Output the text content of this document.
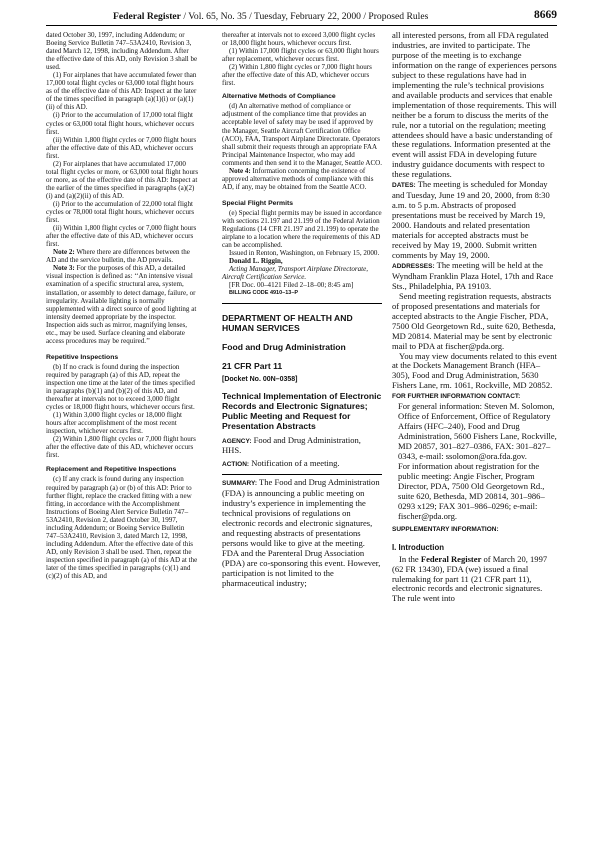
Federal Register / Vol. 65, No. 35 / Tuesday, February 22, 2000 / Proposed Rules	8669

dated October 30, 1997, including Addendum; or Boeing Service Bulletin 747–53A2410, Revision 3, dated March 12, 1998, including Addendum. After the effective date of this AD, only Revision 3 shall be used.

(1) For airplanes that have accumulated fewer than 17,000 total flight cycles or 63,000 total flight hours as of the effective date of this AD: Inspect at the later of the times specified in paragraph (a)(1)(i) or (a)(1)(ii) of this AD.

(i) Prior to the accumulation of 17,000 total flight cycles or 63,000 total flight hours, whichever occurs first.

(ii) Within 1,800 flight cycles or 7,000 flight hours after the effective date of this AD, whichever occurs first.

(2) For airplanes that have accumulated 17,000 total flight cycles or more, or 63,000 total flight hours or more, as of the effective date of this AD: Inspect at the earlier of the times specified in paragraphs (a)(2)(i) and (a)(2)(ii) of this AD.

(i) Prior to the accumulation of 22,000 total flight cycles or 78,000 total flight hours, whichever occurs first.

(ii) Within 1,800 flight cycles or 7,000 flight hours after the effective date of this AD, whichever occurs first.

Note 2: Where there are differences between the AD and the service bulletin, the AD prevails.

Note 3: For the purposes of this AD, a detailed visual inspection is defined as: ‘‘An intensive visual examination of a specific structural area, system, installation, or assembly to detect damage, failure, or irregularity. Available lighting is normally supplemented with a direct source of good lighting at intensity deemed appropriate by the inspector. Inspection aids such as mirror, magnifying lenses, etc., may be used. Surface cleaning and elaborate access procedures may be required.’’

Repetitive Inspections

(b) If no crack is found during the inspection required by paragraph (a) of this AD, repeat the inspection one time at the later of the times specified in paragraphs (b)(1) and (b)(2) of this AD, and thereafter at intervals not to exceed 3,000 flight cycles or 18,000 flight hours, whichever occurs first.

(1) Within 3,000 flight cycles or 18,000 flight hours after accomplishment of the most recent inspection, whichever occurs first.

(2) Within 1,800 flight cycles or 7,000 flight hours after the effective date of this AD, whichever occurs first.

Replacement and Repetitive Inspections

(c) If any crack is found during any inspection required by paragraph (a) or (b) of this AD: Prior to further flight, replace the cracked fitting with a new fitting, in accordance with the Accomplishment Instructions of Boeing Alert Service Bulletin 747–53A2410, Revision 2, dated October 30, 1997, including Addendum; or Boeing Service Bulletin 747–53A2410, Revision 3, dated March 12, 1998, including Addendum. After the effective date of this AD, only Revision 3 shall be used. Then, repeat the inspection specified in paragraph (a) of this AD at the later of the times specified in paragraphs (c)(1) and (c)(2) of this AD, and

thereafter at intervals not to exceed 3,000 flight cycles or 18,000 flight hours, whichever occurs first.

(1) Within 17,000 flight cycles or 63,000 flight hours after replacement, whichever occurs first.

(2) Within 1,800 flight cycles or 7,000 flight hours after the effective date of this AD, whichever occurs first.

Alternative Methods of Compliance

(d) An alternative method of compliance or adjustment of the compliance time that provides an acceptable level of safety may be used if approved by the Manager, Seattle Aircraft Certification Office (ACO), FAA, Transport Airplane Directorate. Operators shall submit their requests through an appropriate FAA Principal Maintenance Inspector, who may add comments and then send it to the Manager, Seattle ACO.

Note 4: Information concerning the existence of approved alternative methods of compliance with this AD, if any, may be obtained from the Seattle ACO.

Special Flight Permits

(e) Special flight permits may be issued in accordance with sections 21.197 and 21.199 of the Federal Aviation Regulations (14 CFR 21.197 and 21.199) to operate the airplane to a location where the requirements of this AD can be accomplished.

Issued in Renton, Washington, on February 15, 2000.

Donald L. Riggin,

Acting Manager, Transport Airplane Directorate, Aircraft Certification Service.

[FR Doc. 00–4121 Filed 2–18–00; 8:45 am]

BILLING CODE 4910–13–P

DEPARTMENT OF HEALTH AND HUMAN SERVICES
Food and Drug Administration
21 CFR Part 11
[Docket No. 00N–0358]
Technical Implementation of Electronic Records and Electronic Signatures; Public Meeting and Request for Presentation Abstracts

AGENCY: Food and Drug Administration, HHS.

ACTION: Notification of a meeting.

SUMMARY: The Food and Drug Administration (FDA) is announcing a public meeting on industry’s experience in implementing the technical provisions of regulations on electronic records and electronic signatures, and requesting abstracts of presentations persons would like to give at the meeting. FDA and the Parenteral Drug Association (PDA) are co-sponsoring this event. However, participation is not limited to the pharmaceutical industry;

all interested persons, from all FDA regulated industries, are invited to participate. The purpose of the meeting is to exchange information on the range of experiences persons subject to these regulations have had in implementing the rule’s technical provisions and available products and services that enable implementation of those requirements. This will neither be a forum to discuss the merits of the rule, nor a tutorial on the regulation; meeting attendees should have a basic understanding of these regulations. Information presented at the event will assist FDA in developing future industry guidance documents with respect to these regulations.

DATES: The meeting is scheduled for Monday and Tuesday, June 19 and 20, 2000, from 8:30 a.m. to 5 p.m. Abstracts of proposed presentations must be received by March 19, 2000. Handouts and related presentation materials for accepted abstracts must be received by May 19, 2000. Submit written comments by May 19, 2000.

ADDRESSES: The meeting will be held at the Wyndham Franklin Plaza Hotel, 17th and Race Sts., Philadelphia, PA 19103.

Send meeting registration requests, abstracts of proposed presentations and materials for accepted abstracts to the Angie Fischer, PDA, 7500 Old Georgetown Rd., suite 620, Bethesda, MD 20814. Material may be sent by electronic mail to PDA at fischer@pda.org.

You may view documents related to this event at the Dockets Management Branch (HFA–305), Food and Drug Administration, 5630 Fishers Lane, rm. 1061, Rockville, MD 20852.

FOR FURTHER INFORMATION CONTACT:

For general information: Steven M. Solomon, Office of Enforcement, Office of Regulatory Affairs (HFC–240), Food and Drug Administration, 5600 Fishers Lane, Rockville, MD 20857, 301–827–0386, FAX: 301–827–0343, e-mail: ssolomon@ora.fda.gov.

For information about registration for the public meeting: Angie Fischer, Program Director, PDA, 7500 Old Georgetown Rd., suite 620, Bethesda, MD 20814, 301–986–0293 x129; FAX 301–986–0296; e-mail: fischer@pda.org.

SUPPLEMENTARY INFORMATION:

I. Introduction

In the Federal Register of March 20, 1997 (62 FR 13430), FDA (we) issued a final rulemaking for part 11 (21 CFR part 11), electronic records and electronic signatures. The rule went into
